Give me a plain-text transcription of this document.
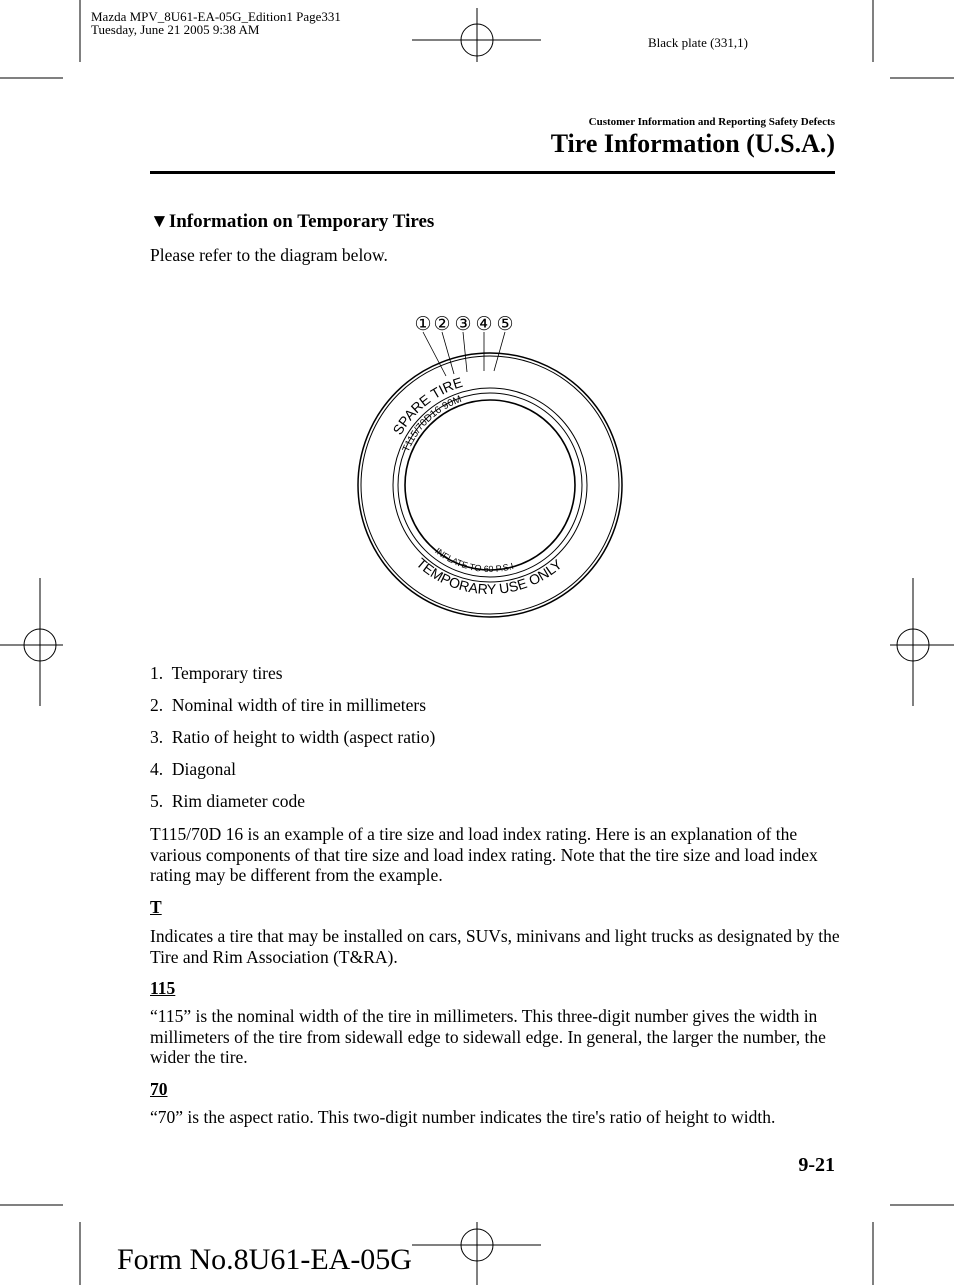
Mazda MPV_8U61-EA-05G_Edition1 Page331
Tuesday, June 21 2005 9:38 AM
Black plate (331,1)
Customer Information and Reporting Safety Defects
Tire Information (U.S.A.)
▼Information on Temporary Tires
Please refer to the diagram below.
SPARE TIRE
T115/70D16 90M
INFLATE TO 60 P.S.I
TEMPORARY USE ONLY
① ② ③ ④ ⑤
1. Temporary tires
2. Nominal width of tire in millimeters
3. Ratio of height to width (aspect ratio)
4. Diagonal
5. Rim diameter code
T115/70D 16 is an example of a tire size and load index rating. Here is an explanation of the various components of that tire size and load index rating. Note that the tire size and load index rating may be different from the example.
T
Indicates a tire that may be installed on cars, SUVs, minivans and light trucks as designated by the Tire and Rim Association (T&RA).
115
“115” is the nominal width of the tire in millimeters. This three-digit number gives the width in millimeters of the tire from sidewall edge to sidewall edge. In general, the larger the number, the wider the tire.
70
“70” is the aspect ratio. This two-digit number indicates the tire's ratio of height to width.
9-21
Form No.8U61-EA-05G
